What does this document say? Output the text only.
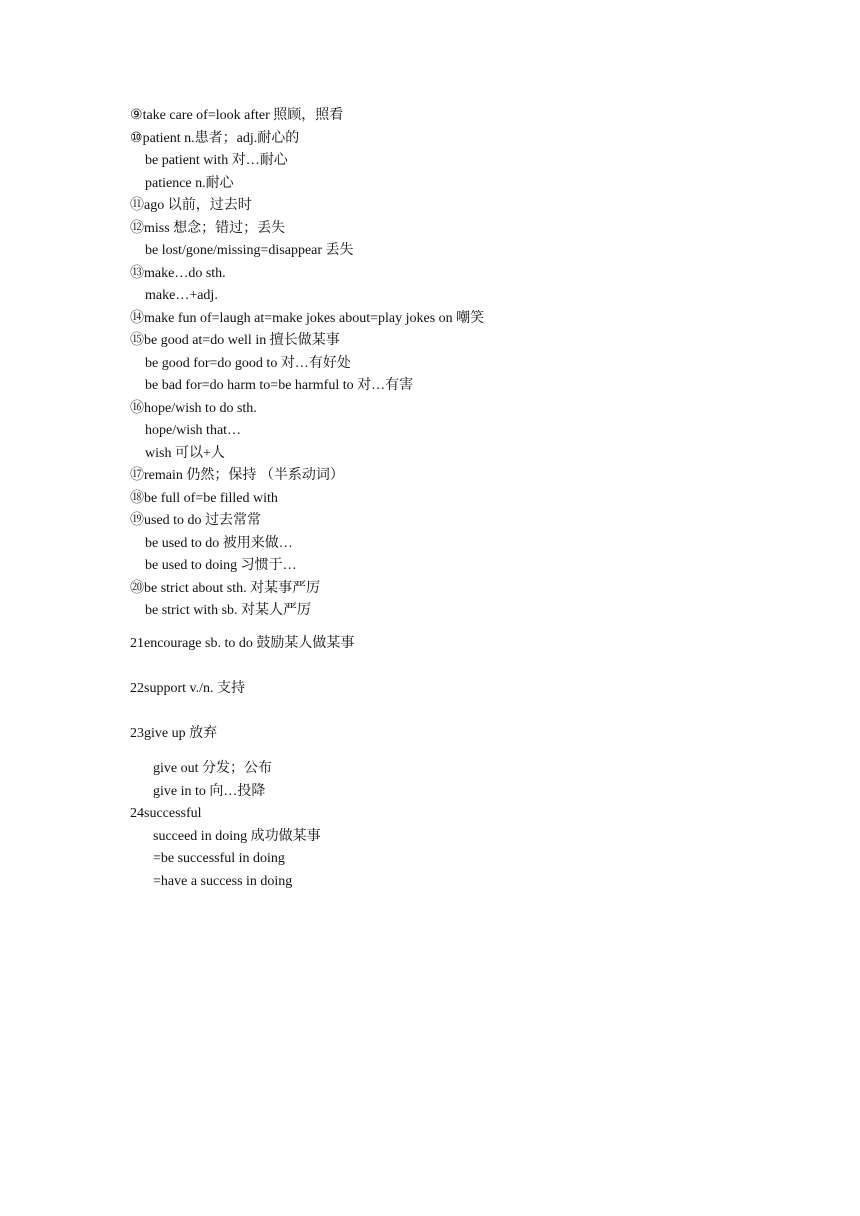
⑨take care of=look after 照顾，照看
⑩patient n.患者；adj.耐心的
be patient with 对…耐心
patience n.耐心
⑪ago 以前，过去时
⑫miss 想念；错过；丢失
be lost/gone/missing=disappear 丢失
⑬make…do sth.
make…+adj.
⑭make fun of=laugh at=make jokes about=play jokes on 嘲笑
⑮be good at=do well in 擅长做某事
be good for=do good to 对…有好处
be bad for=do harm to=be harmful to 对…有害
⑯hope/wish to do sth.
hope/wish that…
wish 可以+人
⑰remain 仍然；保持 （半系动词）
⑱be full of=be filled with
⑲used to do 过去常常
be used to do 被用来做…
be used to doing 习惯于…
⑳be strict about sth. 对某事严厉
be strict with sb. 对某人严厉
21encourage sb. to do 鼓励某人做某事
22support v./n. 支持
23give up 放弃
give out 分发；公布
give in to 向…投降
24successful
succeed in doing 成功做某事
=be successful in doing
=have a success in doing
